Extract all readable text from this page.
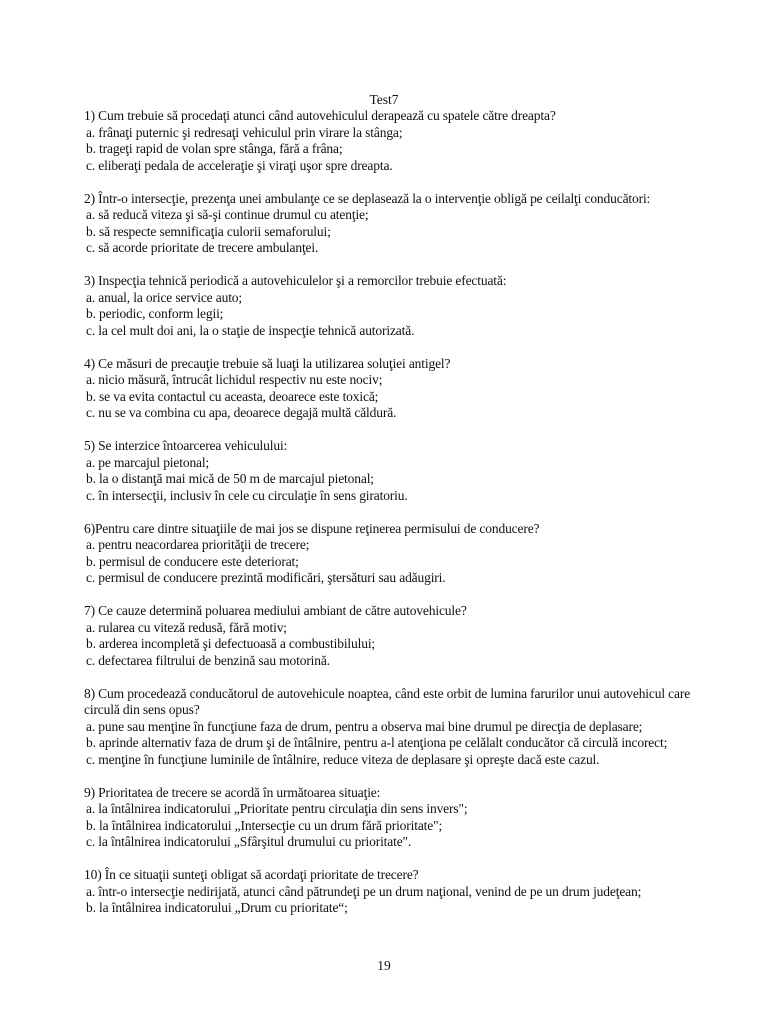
Test7
1) Cum trebuie să procedaţi atunci când autovehiculul derapează cu spatele către dreapta?
a. frânaţi puternic şi redresaţi vehiculul prin virare la stânga;
b. trageţi rapid de volan spre stânga, fără a frâna;
c. eliberaţi pedala de acceleraţie şi viraţi uşor spre dreapta.
2) Într-o intersecţie, prezenţa unei ambulanţe ce se deplasează la o intervenţie obligă pe ceilalţi conducători:
a. să reducă viteza şi să-şi continue drumul cu atenţie;
b. să respecte semnificaţia culorii semaforului;
c. să acorde prioritate de trecere ambulanţei.
3) Inspecţia tehnică periodică a autovehiculelor şi a remorcilor trebuie efectuată:
a. anual, la orice service auto;
b. periodic, conform legii;
c. la cel mult doi ani, la o staţie de inspecţie tehnică autorizată.
4) Ce măsuri de precauţie trebuie să luaţi la utilizarea soluţiei antigel?
a. nicio măsură, întrucât lichidul respectiv nu este nociv;
b. se va evita contactul cu aceasta, deoarece este toxică;
c. nu se va combina cu apa, deoarece degajă multă căldură.
5) Se interzice întoarcerea vehiculului:
a. pe marcajul pietonal;
b. la o distanţă mai mică de 50 m de marcajul pietonal;
c. în intersecţii, inclusiv în cele cu circulaţie în sens giratoriu.
6)Pentru care dintre situaţiile de mai jos se dispune reţinerea permisului de conducere?
a. pentru neacordarea priorităţii de trecere;
b. permisul de conducere este deteriorat;
c. permisul de conducere prezintă modificări, ştersături sau adăugiri.
7) Ce cauze determină poluarea mediului ambiant de către autovehicule?
a. rularea cu viteză redusă, fără motiv;
b. arderea incompletă şi defectuoasă a combustibilului;
c. defectarea filtrului de benzină sau motorină.
8) Cum procedează conducătorul de autovehicule noaptea, când este orbit de lumina farurilor unui autovehicul care circulă din sens opus?
a. pune sau menţine în funcţiune faza de drum, pentru a observa mai bine drumul pe direcţia de deplasare;
b. aprinde alternativ faza de drum şi de întâlnire, pentru a-l atenţiona pe celălalt conducător că circulă incorect;
c. menţine în funcţiune luminile de întâlnire, reduce viteza de deplasare şi opreşte dacă este cazul.
9) Prioritatea de trecere se acordă în următoarea situaţie:
a. la întâlnirea indicatorului „Prioritate pentru circulaţia din sens invers";
b. la întâlnirea indicatorului „Intersecţie cu un drum fără prioritate";
c. la întâlnirea indicatorului „Sfârşitul drumului cu prioritate".
10) În ce situaţii sunteţi obligat să acordaţi prioritate de trecere?
a. într-o intersecţie nedirijată, atunci când pătrundeţi pe un drum naţional, venind de pe un drum judeţean;
b. la întâlnirea indicatorului „Drum cu prioritate“;
19
